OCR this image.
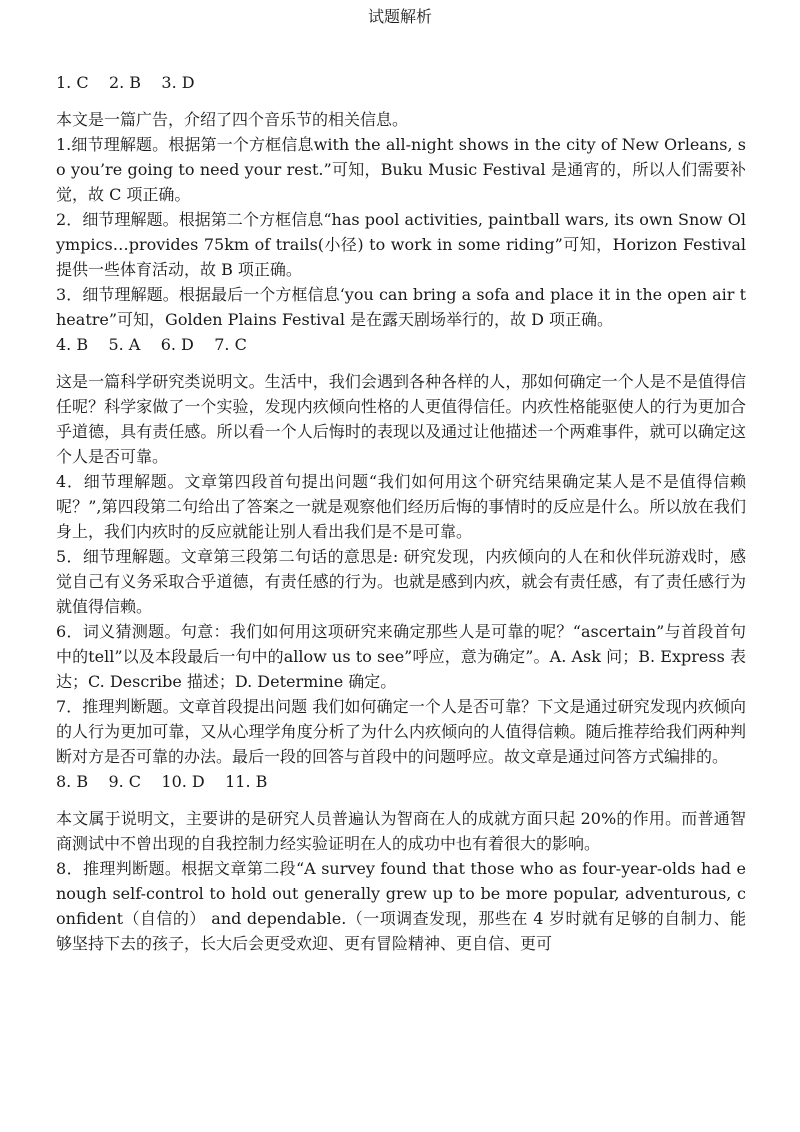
试题解析

1. C    2. B    3. D

本文是一篇广告，介绍了四个音乐节的相关信息。

1.细节理解题。根据第一个方框信息with the all-night shows in the city of New Orleans, so you’re going to need your rest.”可知，Buku Music Festival 是通宵的，所以人们需要补觉，故 C 项正确。

2．细节理解题。根据第二个方框信息“has pool activities, paintball wars, its own Snow Olympics…provides 75km of trails(小径) to work in some riding”可知，Horizon Festival 提供一些体育活动，故 B 项正确。

3．细节理解题。根据最后一个方框信息‘you can bring a sofa and place it in the open air theatre”可知，Golden Plains Festival 是在露天剧场举行的，故 D 项正确。

4. B    5. A    6. D    7. C

这是一篇科学研究类说明文。生活中，我们会遇到各种各样的人，那如何确定一个人是不是值得信任呢？科学家做了一个实验，发现内疚倾向性格的人更值得信任。内疚性格能驱使人的行为更加合乎道德，具有责任感。所以看一个人后悔时的表现以及通过让他描述一个两难事件，就可以确定这个人是否可靠。

4．细节理解题。文章第四段首句提出问题“我们如何用这个研究结果确定某人是不是值得信赖呢？”,第四段第二句给出了答案之一就是观察他们经历后悔的事情时的反应是什么。所以放在我们身上，我们内疚时的反应就能让别人看出我们是不是可靠。

5．细节理解题。文章第三段第二句话的意思是: 研究发现，内疚倾向的人在和伙伴玩游戏时，感觉自己有义务采取合乎道德，有责任感的行为。也就是感到内疚，就会有责任感，有了责任感行为就值得信赖。

6．词义猜测题。句意：我们如何用这项研究来确定那些人是可靠的呢？“ascertain”与首段首句中的tell”以及本段最后一句中的allow us to see”呼应，意为确定”。A. Ask 问；B. Express 表达；C. Describe 描述；D. Determine 确定。

7．推理判断题。文章首段提出问题 我们如何确定一个人是否可靠？下文是通过研究发现内疚倾向的人行为更加可靠，又从心理学角度分析了为什么内疚倾向的人值得信赖。随后推荐给我们两种判断对方是否可靠的办法。最后一段的回答与首段中的问题呼应。故文章是通过问答方式编排的。

8. B    9. C    10. D    11. B

本文属于说明文，主要讲的是研究人员普遍认为智商在人的成就方面只起 20%的作用。而普通智商测试中不曾出现的自我控制力经实验证明在人的成功中也有着很大的影响。

8．推理判断题。根据文章第二段“A survey found that those who as four-year-olds had enough self-control to hold out generally grew up to be more popular, adventurous, confident（自信的） and dependable.（一项调查发现，那些在 4 岁时就有足够的自制力、能够坚持下去的孩子，长大后会更受欢迎、更有冒险精神、更自信、更可
